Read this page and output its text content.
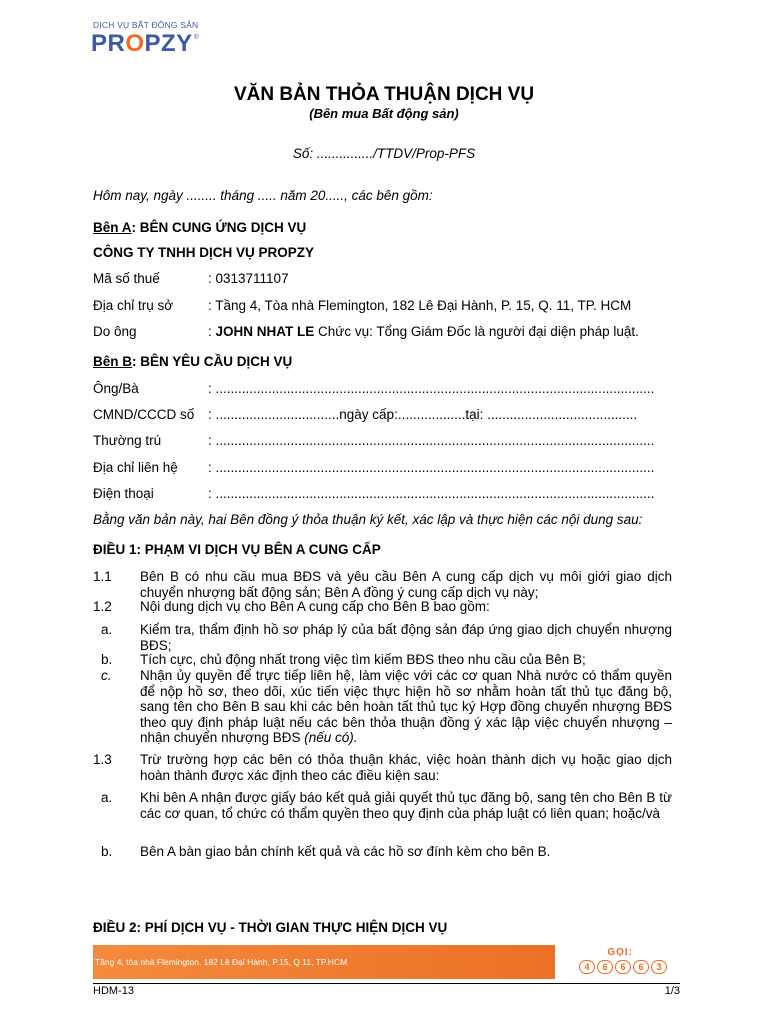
DỊCH VỤ BẤT ĐỘNG SẢN
PROPZY®
VĂN BẢN THỎA THUẬN DỊCH VỤ
(Bên mua Bất động sản)
Số: .............../TTDV/Prop-PFS
Hôm nay, ngày ........ tháng ..... năm 20....., các bên gồm:
Bên A: BÊN CUNG ỨNG DỊCH VỤ
CÔNG TY TNHH DỊCH VỤ PROPZY
Mã số thuế	: 0313711107
Địa chỉ trụ sở	: Tầng 4, Tòa nhà Flemington, 182 Lê Đại Hành, P. 15, Q. 11, TP. HCM
Do ông	: JOHN NHAT LE Chức vụ: Tổng Giám Đốc là người đại diện pháp luật.
Bên B: BÊN YÊU CẦU DỊCH VỤ
Ông/Bà	: .....................................................................................................................
CMND/CCCD số : .................................ngày cấp:..................tại: ........................................
Thường trú	: .....................................................................................................................
Địa chỉ liên hệ : .....................................................................................................................
Điện thoại	: .....................................................................................................................
Bằng văn bản này, hai Bên đồng ý thỏa thuận ký kết, xác lập và thực hiện các nội dung sau:
ĐIỀU 1: PHẠM VI DỊCH VỤ BÊN A CUNG CẤP
1.1 Bên B có nhu cầu mua BĐS và yêu cầu Bên A cung cấp dịch vụ môi giới giao dịch chuyển nhượng bất động sản; Bên A đồng ý cung cấp dịch vụ này;
1.2 Nội dung dịch vụ cho Bên A cung cấp cho Bên B bao gồm:
a. Kiểm tra, thẩm định hồ sơ pháp lý của bất động sản đáp ứng giao dịch chuyển nhượng BĐS;
b. Tích cực, chủ động nhất trong việc tìm kiếm BĐS theo nhu cầu của Bên B;
c. Nhận ủy quyền để trực tiếp liên hệ, làm việc với các cơ quan Nhà nước có thẩm quyền để nộp hồ sơ, theo dõi, xúc tiến việc thực hiện hồ sơ nhằm hoàn tất thủ tục đăng bộ, sang tên cho Bên B sau khi các bên hoàn tất thủ tục ký Hợp đồng chuyển nhượng BĐS theo quy định pháp luật nếu các bên thỏa thuận đồng ý xác lập việc chuyển nhượng – nhận chuyển nhượng BĐS (nếu có).
1.3 Trừ trường hợp các bên có thỏa thuận khác, việc hoàn thành dịch vụ hoặc giao dịch hoàn thành được xác định theo các điều kiện sau:
a. Khi bên A nhận được giấy báo kết quả giải quyết thủ tục đăng bộ, sang tên cho Bên B từ các cơ quan, tổ chức có thẩm quyền theo quy định của pháp luật có liên quan; hoặc/và
b. Bên A bàn giao bản chính kết quả và các hồ sơ đính kèm cho bên B.
ĐIỀU 2: PHÍ DỊCH VỤ - THỜI GIAN THỰC HIỆN DỊCH VỤ
Tầng 4, tòa nhà Flemington, 182 Lê Đại Hành, P.15, Q.11, TP.HCM
GỌI:
4	6	6	6	3
HDM-13	1/3
